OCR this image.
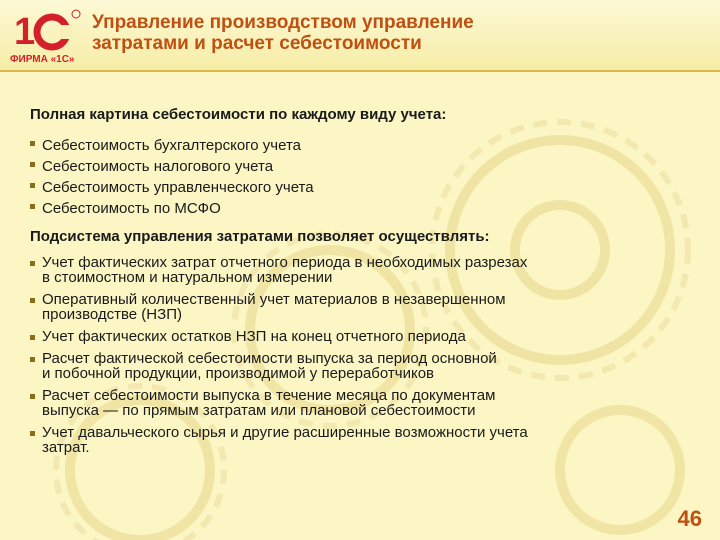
1
ФИРМА «1С»
Управление производством управление
затратами и расчет себестоимости

Полная картина себестоимости по каждому виду учета:

Себестоимость бухгалтерского учета
Себестоимость налогового учета
Себестоимость управленческого учета
Себестоимость по МСФО

Подсистема управления затратами позволяет осуществлять:

Учет фактических затрат отчетного периода в необходимых разрезах
в стоимостном и натуральном измерении
Оперативный количественный учет материалов в незавершенном
производстве (НЗП)
Учет фактических остатков НЗП на конец отчетного периода
Расчет фактической себестоимости выпуска за период основной
и побочной продукции, производимой у переработчиков
Расчет себестоимости выпуска в течение месяца по документам
выпуска — по прямым затратам или плановой себестоимости
Учет давальческого сырья и другие расширенные возможности учета
затрат.
46
